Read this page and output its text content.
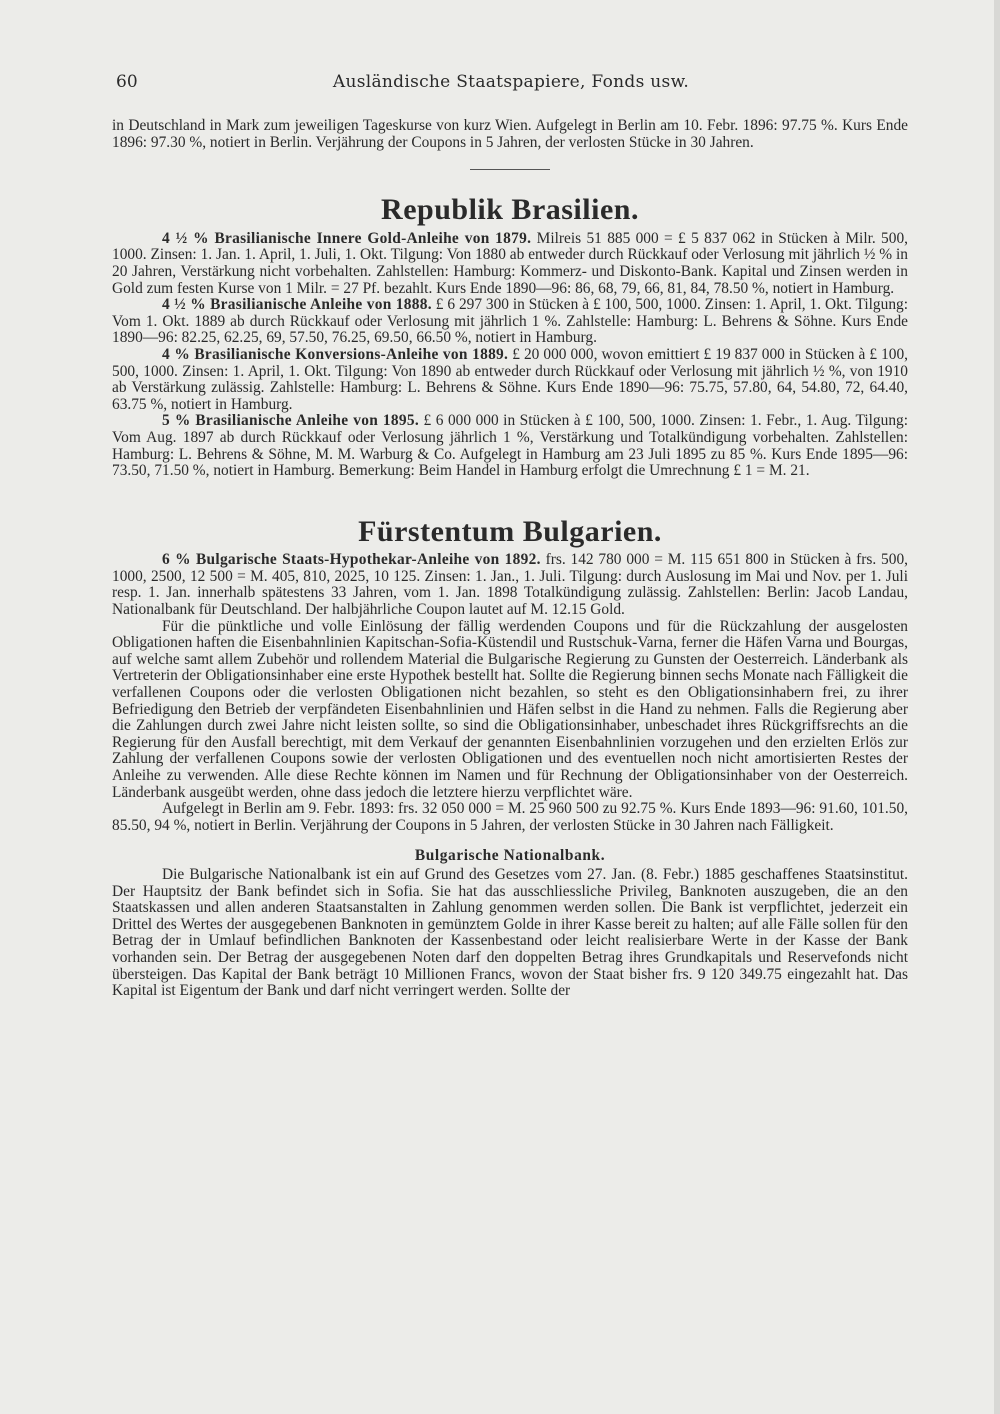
60	Ausländische Staatspapiere, Fonds usw.

in Deutschland in Mark zum jeweiligen Tageskurse von kurz Wien. Aufgelegt in Berlin am 10. Febr. 1896: 97.75 %. Kurs Ende 1896: 97.30 %, notiert in Berlin. Verjährung der Coupons in 5 Jahren, der verlosten Stücke in 30 Jahren.

Republik Brasilien.

4 ½ % Brasilianische Innere Gold-Anleihe von 1879. Milreis 51 885 000 = £ 5 837 062 in Stücken à Milr. 500, 1000. Zinsen: 1. Jan. 1. April, 1. Juli, 1. Okt. Tilgung: Von 1880 ab entweder durch Rückkauf oder Verlosung mit jährlich ½ % in 20 Jahren, Verstärkung nicht vorbehalten. Zahlstellen: Hamburg: Kommerz- und Diskonto-Bank. Kapital und Zinsen werden in Gold zum festen Kurse von 1 Milr. = 27 Pf. bezahlt. Kurs Ende 1890—96: 86, 68, 79, 66, 81, 84, 78.50 %, notiert in Hamburg.

4 ½ % Brasilianische Anleihe von 1888. £ 6 297 300 in Stücken à £ 100, 500, 1000. Zinsen: 1. April, 1. Okt. Tilgung: Vom 1. Okt. 1889 ab durch Rückkauf oder Verlosung mit jährlich 1 %. Zahlstelle: Hamburg: L. Behrens & Söhne. Kurs Ende 1890—96: 82.25, 62.25, 69, 57.50, 76.25, 69.50, 66.50 %, notiert in Hamburg.

4 % Brasilianische Konversions-Anleihe von 1889. £ 20 000 000, wovon emittiert £ 19 837 000 in Stücken à £ 100, 500, 1000. Zinsen: 1. April, 1. Okt. Tilgung: Von 1890 ab entweder durch Rückkauf oder Verlosung mit jährlich ½ %, von 1910 ab Verstärkung zulässig. Zahlstelle: Hamburg: L. Behrens & Söhne. Kurs Ende 1890—96: 75.75, 57.80, 64, 54.80, 72, 64.40, 63.75 %, notiert in Hamburg.

5 % Brasilianische Anleihe von 1895. £ 6 000 000 in Stücken à £ 100, 500, 1000. Zinsen: 1. Febr., 1. Aug. Tilgung: Vom Aug. 1897 ab durch Rückkauf oder Verlosung jährlich 1 %, Verstärkung und Totalkündigung vorbehalten. Zahlstellen: Hamburg: L. Behrens & Söhne, M. M. Warburg & Co. Aufgelegt in Hamburg am 23 Juli 1895 zu 85 %. Kurs Ende 1895—96: 73.50, 71.50 %, notiert in Hamburg. Bemerkung: Beim Handel in Hamburg erfolgt die Umrechnung £ 1 = M. 21.

Fürstentum Bulgarien.

6 % Bulgarische Staats-Hypothekar-Anleihe von 1892. frs. 142 780 000 = M. 115 651 800 in Stücken à frs. 500, 1000, 2500, 12 500 = M. 405, 810, 2025, 10 125. Zinsen: 1. Jan., 1. Juli. Tilgung: durch Auslosung im Mai und Nov. per 1. Juli resp. 1. Jan. innerhalb spätestens 33 Jahren, vom 1. Jan. 1898 Totalkündigung zulässig. Zahlstellen: Berlin: Jacob Landau, Nationalbank für Deutschland. Der halbjährliche Coupon lautet auf M. 12.15 Gold.

Für die pünktliche und volle Einlösung der fällig werdenden Coupons und für die Rückzahlung der ausgelosten Obligationen haften die Eisenbahnlinien Kapitschan-Sofia-Küstendil und Rustschuk-Varna, ferner die Häfen Varna und Bourgas, auf welche samt allem Zubehör und rollendem Material die Bulgarische Regierung zu Gunsten der Oesterreich. Länderbank als Vertreterin der Obligationsinhaber eine erste Hypothek bestellt hat. Sollte die Regierung binnen sechs Monate nach Fälligkeit die verfallenen Coupons oder die verlosten Obligationen nicht bezahlen, so steht es den Obligationsinhabern frei, zu ihrer Befriedigung den Betrieb der verpfändeten Eisenbahnlinien und Häfen selbst in die Hand zu nehmen. Falls die Regierung aber die Zahlungen durch zwei Jahre nicht leisten sollte, so sind die Obligationsinhaber, unbeschadet ihres Rückgriffsrechts an die Regierung für den Ausfall berechtigt, mit dem Verkauf der genannten Eisenbahnlinien vorzugehen und den erzielten Erlös zur Zahlung der verfallenen Coupons sowie der verlosten Obligationen und des eventuellen noch nicht amortisierten Restes der Anleihe zu verwenden. Alle diese Rechte können im Namen und für Rechnung der Obligationsinhaber von der Oesterreich. Länderbank ausgeübt werden, ohne dass jedoch die letztere hierzu verpflichtet wäre.

Aufgelegt in Berlin am 9. Febr. 1893: frs. 32 050 000 = M. 25 960 500 zu 92.75 %. Kurs Ende 1893—96: 91.60, 101.50, 85.50, 94 %, notiert in Berlin. Verjährung der Coupons in 5 Jahren, der verlosten Stücke in 30 Jahren nach Fälligkeit.

Bulgarische Nationalbank.

Die Bulgarische Nationalbank ist ein auf Grund des Gesetzes vom 27. Jan. (8. Febr.) 1885 geschaffenes Staatsinstitut. Der Hauptsitz der Bank befindet sich in Sofia. Sie hat das ausschliessliche Privileg, Banknoten auszugeben, die an den Staatskassen und allen anderen Staatsanstalten in Zahlung genommen werden sollen. Die Bank ist verpflichtet, jederzeit ein Drittel des Wertes der ausgegebenen Banknoten in gemünztem Golde in ihrer Kasse bereit zu halten; auf alle Fälle sollen für den Betrag der in Umlauf befindlichen Banknoten der Kassenbestand oder leicht realisierbare Werte in der Kasse der Bank vorhanden sein. Der Betrag der ausgegebenen Noten darf den doppelten Betrag ihres Grundkapitals und Reservefonds nicht übersteigen. Das Kapital der Bank beträgt 10 Millionen Francs, wovon der Staat bisher frs. 9 120 349.75 eingezahlt hat. Das Kapital ist Eigentum der Bank und darf nicht verringert werden. Sollte der
